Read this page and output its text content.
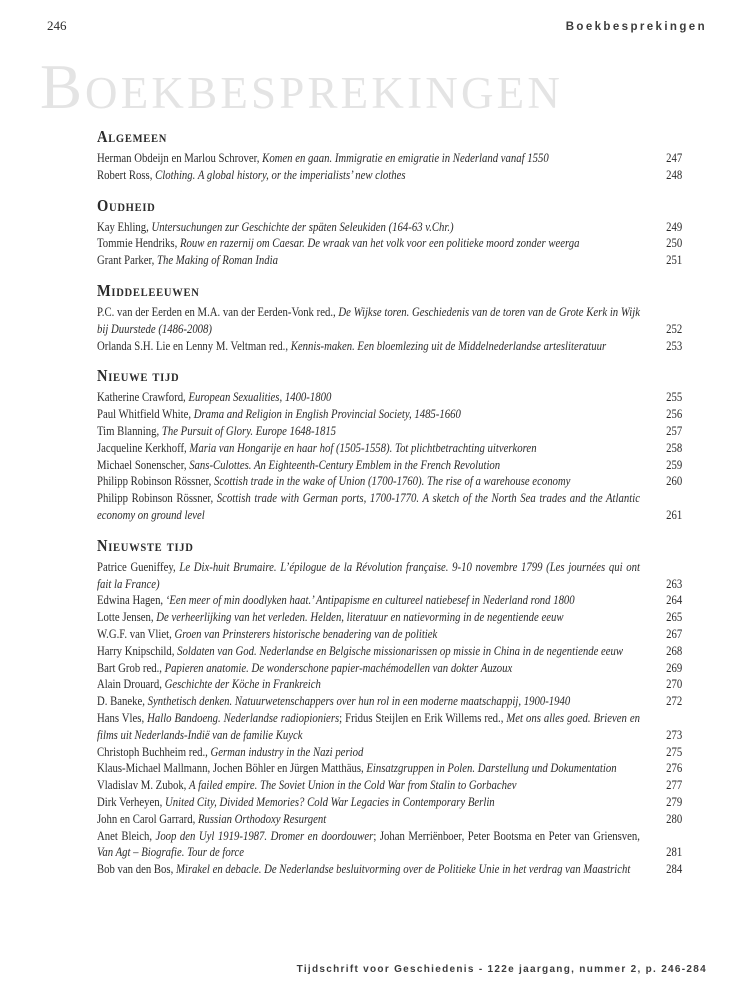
246	Boekbesprekingen
BOEKBESPREKINGEN
Algemeen
Herman Obdeijn en Marlou Schrover, Komen en gaan. Immigratie en emigratie in Nederland vanaf 1550	247
Robert Ross, Clothing. A global history, or the imperialists’ new clothes	248
Oudheid
Kay Ehling, Untersuchungen zur Geschichte der späten Seleukiden (164-63 v.Chr.)	249
Tommie Hendriks, Rouw en razernij om Caesar. De wraak van het volk voor een politieke moord zonder weerga	250
Grant Parker, The Making of Roman India	251
Middeleeuwen
P.C. van der Eerden en M.A. van der Eerden-Vonk red., De Wijkse toren. Geschiedenis van de toren van de Grote Kerk in Wijk bij Duurstede (1486-2008)	252
Orlanda S.H. Lie en Lenny M. Veltman red., Kennis-maken. Een bloemlezing uit de Middelnederlandse artesliteratuur	253
Nieuwe tijd
Katherine Crawford, European Sexualities, 1400-1800	255
Paul Whitfield White, Drama and Religion in English Provincial Society, 1485-1660	256
Tim Blanning, The Pursuit of Glory. Europe 1648-1815	257
Jacqueline Kerkhoff, Maria van Hongarije en haar hof (1505-1558). Tot plichtbetrachting uitverkoren	258
Michael Sonenscher, Sans-Culottes. An Eighteenth-Century Emblem in the French Revolution	259
Philipp Robinson Rössner, Scottish trade in the wake of Union (1700-1760). The rise of a warehouse economy	260
Philipp Robinson Rössner, Scottish trade with German ports, 1700-1770. A sketch of the North Sea trades and the Atlantic economy on ground level	261
Nieuwste tijd
Patrice Gueniffey, Le Dix-huit Brumaire. L’épilogue de la Révolution française. 9-10 novembre 1799 (Les journées qui ont fait la France)	263
Edwina Hagen, ‘Een meer of min doodlyken haat.’ Antipapisme en cultureel natiebesef in Nederland rond 1800	264
Lotte Jensen, De verheerlijking van het verleden. Helden, literatuur en natievorming in de negentiende eeuw	265
W.G.F. van Vliet, Groen van Prinsterers historische benadering van de politiek	267
Harry Knipschild, Soldaten van God. Nederlandse en Belgische missionarissen op missie in China in de negentiende eeuw	268
Bart Grob red., Papieren anatomie. De wonderschone papier-machémodellen van dokter Auzoux	269
Alain Drouard, Geschichte der Köche in Frankreich	270
D. Baneke, Synthetisch denken. Natuurwetenschappers over hun rol in een moderne maatschappij, 1900-1940	272
Hans Vles, Hallo Bandoeng. Nederlandse radiopioniers; Fridus Steijlen en Erik Willems red., Met ons alles goed. Brieven en films uit Nederlands-Indië van de familie Kuyck	273
Christoph Buchheim red., German industry in the Nazi period	275
Klaus-Michael Mallmann, Jochen Böhler en Jürgen Matthäus, Einsatzgruppen in Polen. Darstellung und Dokumentation	276
Vladislav M. Zubok, A failed empire. The Soviet Union in the Cold War from Stalin to Gorbachev	277
Dirk Verheyen, United City, Divided Memories? Cold War Legacies in Contemporary Berlin	279
John en Carol Garrard, Russian Orthodoxy Resurgent	280
Anet Bleich, Joop den Uyl 1919-1987. Dromer en doordouwer; Johan Merriënboer, Peter Bootsma en Peter van Griensven, Van Agt – Biografie. Tour de force	281
Bob van den Bos, Mirakel en debacle. De Nederlandse besluitvorming over de Politieke Unie in het verdrag van Maastricht	284
Tijdschrift voor Geschiedenis - 122e jaargang, nummer 2, p. 246-284
